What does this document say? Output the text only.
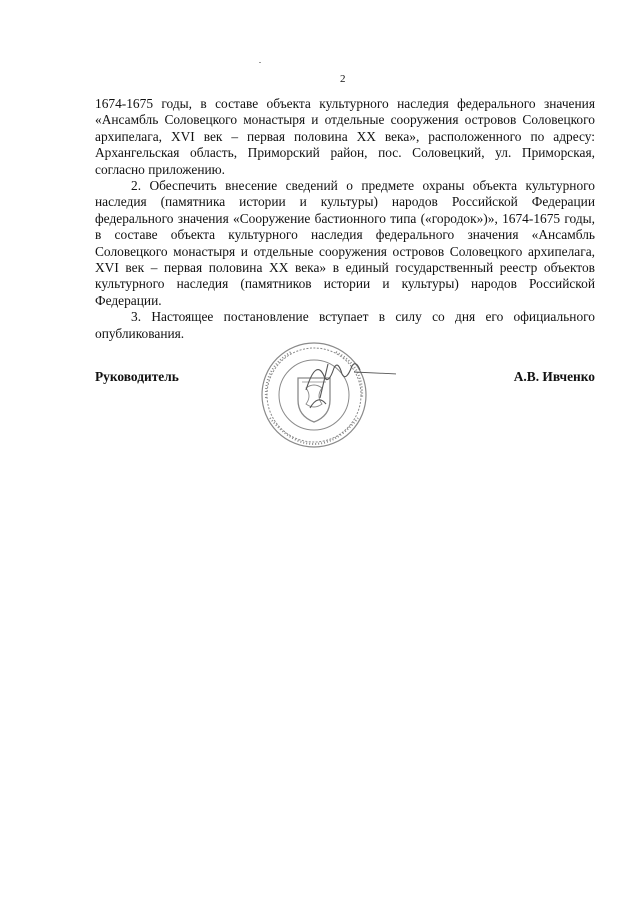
2

1674-1675 годы, в составе объекта культурного наследия федерального значения «Ансамбль Соловецкого монастыря и отдельные сооружения островов Соловецкого архипелага, XVI век – первая половина XX века», расположенного по адресу: Архангельская область, Приморский район, пос. Соловецкий, ул. Приморская, согласно приложению.

2. Обеспечить внесение сведений о предмете охраны объекта культурного наследия (памятника истории и культуры) народов Российской Федерации федерального значения «Сооружение бастионного типа («городок»)», 1674-1675 годы, в составе объекта культурного наследия федерального значения «Ансамбль Соловецкого монастыря и отдельные сооружения островов Соловецкого архипелага, XVI век – первая половина XX века» в единый государственный реестр объектов культурного наследия (памятников истории и культуры) народов Российской Федерации.

3. Настоящее постановление вступает в силу со дня его официального опубликования.

Руководитель	А.В. Ивченко
